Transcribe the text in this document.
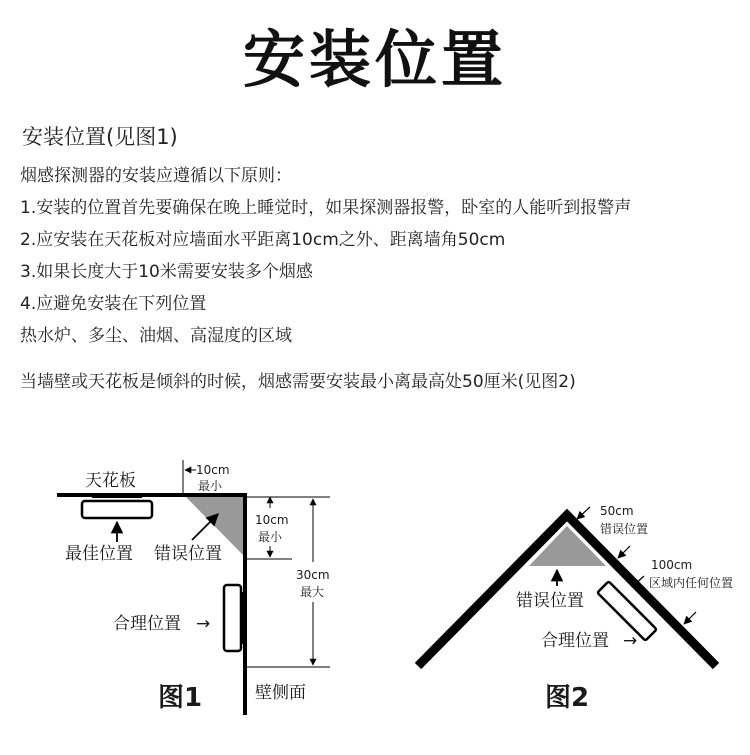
安装位置
安装位置(见图1)
烟感探测器的安装应遵循以下原则：
1.安装的位置首先要确保在晚上睡觉时，如果探测器报警，卧室的人能听到报警声
2.应安装在天花板对应墙面水平距离10cm之外、距离墙角50cm
3.如果长度大于10米需要安装多个烟感
4.应避免安装在下列位置
热水炉、多尘、油烟、高湿度的区域
当墙壁或天花板是倾斜的时候，烟感需要安装最小离最高处50厘米(见图2)
天花板
10cm
最小
最佳位置 错误位置
10cm
最小
30cm
最大
合理位置 →
壁侧面
图1
50cm
错误位置
错误位置
100cm
区域内任何位置
合理位置 →
图2
